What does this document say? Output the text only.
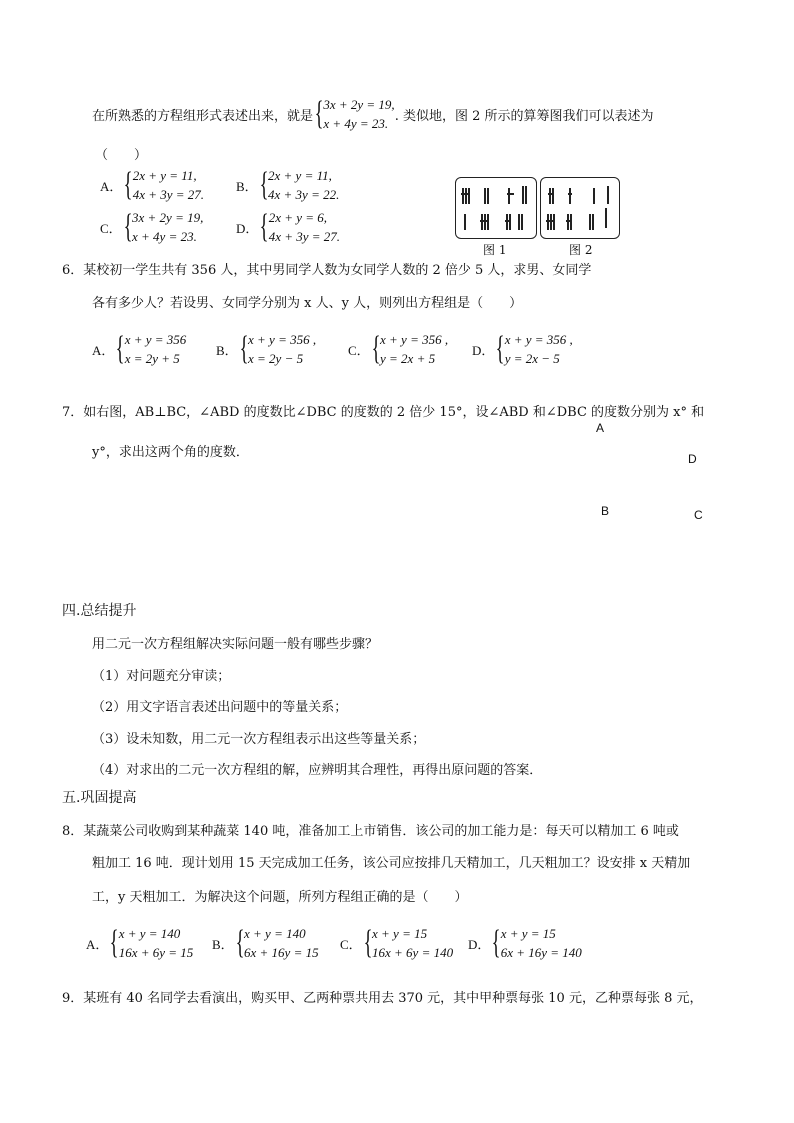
在所熟悉的方程组形式表述出来，就是 { 3x + 2y = 19,
x + 4y = 23. . 类似地，图 2 所示的算筹图我们可以表述为
（　　）
A． { 2x + y = 11,
4x + 3y = 27.
B． { 2x + y = 11,
4x + 3y = 22.
C． { 3x + 2y = 19,
x + 4y = 23.
D． { 2x + y = 6,
4x + 3y = 27.
图 1	图 2
6．某校初一学生共有 356 人，其中男同学人数为女同学人数的 2 倍少 5 人，求男、女同学
各有多少人？若设男、女同学分别为 x 人、y 人，则列出方程组是（　　）
A． { x + y = 356
x = 2y + 5
B． { x + y = 356 ,
x = 2y − 5
C． { x + y = 356 ,
y = 2x + 5
D． { x + y = 356 ,
y = 2x − 5
7．如右图，AB⊥BC，∠ABD 的度数比∠DBC 的度数的 2 倍少 15°，设∠ABD 和∠DBC 的度数分别为 x° 和
y°，求出这两个角的度数．
A
D
B	C
四.总结提升
用二元一次方程组解决实际问题一般有哪些步骤？
（1）对问题充分审读；
（2）用文字语言表述出问题中的等量关系；
（3）设未知数，用二元一次方程组表示出这些等量关系；
（4）对求出的二元一次方程组的解，应辨明其合理性，再得出原问题的答案．
五.巩固提高
8．某蔬菜公司收购到某种蔬菜 140 吨，准备加工上市销售．该公司的加工能力是：每天可以精加工 6 吨或
粗加工 16 吨．现计划用 15 天完成加工任务，该公司应按排几天精加工，几天粗加工？设安排 x 天精加
工，y 天粗加工．为解决这个问题，所列方程组正确的是（　　）
A． { x + y = 140
16x + 6y = 15
B． { x + y = 140
6x + 16y = 15
C． { x + y = 15
16x + 6y = 140
D． { x + y = 15
6x + 16y = 140
9．某班有 40 名同学去看演出，购买甲、乙两种票共用去 370 元，其中甲种票每张 10 元，乙种票每张 8 元，
